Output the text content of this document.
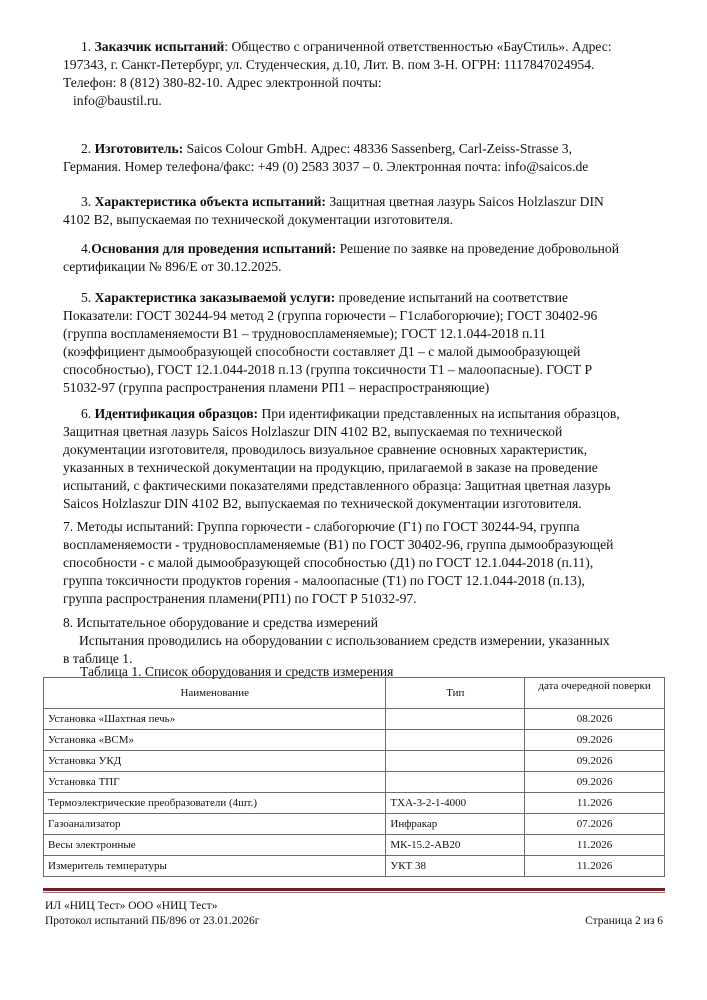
1. Заказчик испытаний: Общество с ограниченной ответственностью «БауСтиль». Адрес:
197343, г. Санкт-Петербург, ул. Студенческия, д.10, Лит. В. пом 3-Н. ОГРН: 1117847024954.
Телефон: 8 (812) 380-82-10. Адрес электронной почты:
info@baustil.ru.
2. Изготовитель: Saicos Colour GmbH. Адрес: 48336 Sassenberg, Carl-Zeiss-Strasse 3,
Германия. Номер телефона/факс: +49 (0) 2583 3037 – 0. Электронная почта: info@saicos.de
3. Характеристика объекта испытаний: Защитная цветная лазурь Saicos Holzlaszur DIN
4102 B2, выпускаемая по технической документации изготовителя.
4.Основания для проведения испытаний: Решение по заявке на проведение добровольной
сертификации № 896/Е от 30.12.2025.
5. Характеристика заказываемой услуги: проведение испытаний на соответствие
Показатели: ГОСТ 30244-94 метод 2 (группа горючести – Г1слабогорючие); ГОСТ 30402-96
(группа воспламеняемости В1 – трудновоспламеняемые); ГОСТ 12.1.044-2018 п.11
(коэффициент дымообразующей способности составляет Д1 – с малой дымообразующей
способностью), ГОСТ 12.1.044-2018 п.13 (группа токсичности Т1 – малоопасные). ГОСТ Р
51032-97 (группа распространения пламени РП1 – нераспространяющие)
6. Идентификация образцов: При идентификации представленных на испытания образцов,
Защитная цветная лазурь Saicos Holzlaszur DIN 4102 B2, выпускаемая по технической
документации изготовителя, проводилось визуальное сравнение основных характеристик,
указанных в технической документации на продукцию, прилагаемой в заказе на проведение
испытаний, с фактическими показателями представленного образца: Защитная цветная лазурь
Saicos Holzlaszur DIN 4102 B2, выпускаемая по технической документации изготовителя.
7. Методы испытаний: Группа горючести - слабогорючие (Г1) по ГОСТ 30244-94, группа
воспламеняемости - трудновоспламеняемые (В1) по ГОСТ 30402-96, группа дымообразующей
способности - с малой дымообразующей способностью (Д1) по ГОСТ 12.1.044-2018 (п.11),
группа токсичности продуктов горения - малоопасные (Т1) по ГОСТ 12.1.044-2018 (п.13),
группа распространения пламени(РП1) по ГОСТ Р 51032-97.
8. Испытательное оборудование и средства измерений
Испытания проводились на оборудовании с использованием средств измерении, указанных
в таблице 1.
Таблица 1. Список оборудования и средств измерения
Наименование	Тип	дата очередной поверки
Установка «Шахтная печь»		08.2026
Установка «ВСМ»		09.2026
Установка УКД		09.2026
Установка ТПГ		09.2026
Термоэлектрические преобразователи (4шт.)	ТХА-3-2-1-4000	11.2026
Газоанализатор	Инфракар	07.2026
Весы электронные	МК-15.2-АВ20	11.2026
Измеритель температуры	УКТ 38	11.2026
ИЛ «НИЦ Тест» ООО «НИЦ Тест»
Протокол испытаний ПБ/896 от 23.01.2026г	Страница 2 из 6
